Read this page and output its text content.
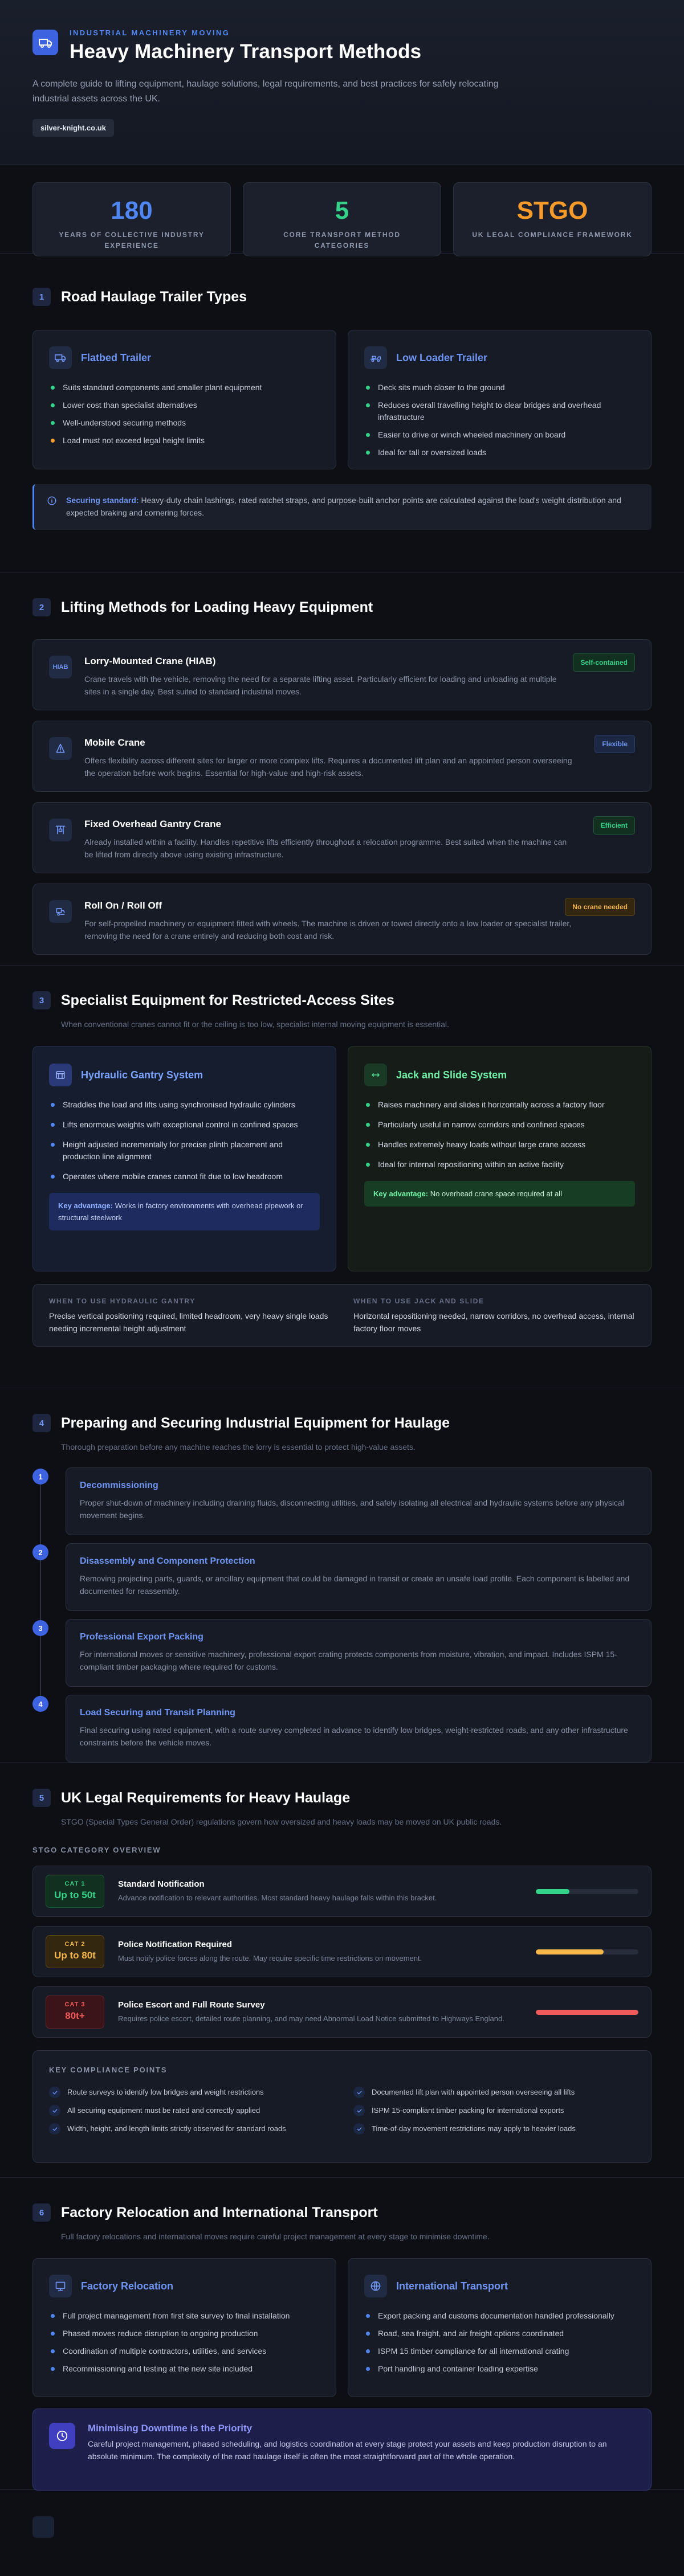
INDUSTRIAL MACHINERY MOVING
Heavy Machinery Transport Methods

A complete guide to lifting equipment, haulage solutions, legal requirements, and best practices for safely relocating industrial assets across the UK.

silver-knight.co.uk
180
YEARS OF COLLECTIVE INDUSTRY EXPERIENCE
5
CORE TRANSPORT METHOD CATEGORIES
STGO
UK LEGAL COMPLIANCE FRAMEWORK
1	Road Haulage Trailer Types
Flatbed Trailer
Suits standard components and smaller plant equipment
Lower cost than specialist alternatives
Well-understood securing methods
Load must not exceed legal height limits
Low Loader Trailer
Deck sits much closer to the ground
Reduces overall travelling height to clear bridges and overhead infrastructure
Easier to drive or winch wheeled machinery on board
Ideal for tall or oversized loads
Securing standard: Heavy-duty chain lashings, rated ratchet straps, and purpose-built anchor points are calculated against the load's weight distribution and expected braking and cornering forces.
2	Lifting Methods for Loading Heavy Equipment
HIAB
Lorry-Mounted Crane (HIAB)
Crane travels with the vehicle, removing the need for a separate lifting asset. Particularly efficient for loading and unloading at multiple sites in a single day. Best suited to standard industrial moves.
Self-contained
Mobile Crane
Offers flexibility across different sites for larger or more complex lifts. Requires a documented lift plan and an appointed person overseeing the operation before work begins. Essential for high-value and high-risk assets.
Flexible
Fixed Overhead Gantry Crane
Already installed within a facility. Handles repetitive lifts efficiently throughout a relocation programme. Best suited when the machine can be lifted from directly above using existing infrastructure.
Efficient
Roll On / Roll Off
For self-propelled machinery or equipment fitted with wheels. The machine is driven or towed directly onto a low loader or specialist trailer, removing the need for a crane entirely and reducing both cost and risk.
No crane needed
3	Specialist Equipment for Restricted-Access Sites
When conventional cranes cannot fit or the ceiling is too low, specialist internal moving equipment is essential.
Hydraulic Gantry System
Straddles the load and lifts using synchronised hydraulic cylinders
Lifts enormous weights with exceptional control in confined spaces
Height adjusted incrementally for precise plinth placement and production line alignment
Operates where mobile cranes cannot fit due to low headroom
Key advantage: Works in factory environments with overhead pipework or structural steelwork
Jack and Slide System
Raises machinery and slides it horizontally across a factory floor
Particularly useful in narrow corridors and confined spaces
Handles extremely heavy loads without large crane access
Ideal for internal repositioning within an active facility
Key advantage: No overhead crane space required at all
WHEN TO USE HYDRAULIC GANTRY
Precise vertical positioning required, limited headroom, very heavy single loads needing incremental height adjustment
WHEN TO USE JACK AND SLIDE
Horizontal repositioning needed, narrow corridors, no overhead access, internal factory floor moves
4	Preparing and Securing Industrial Equipment for Haulage
Thorough preparation before any machine reaches the lorry is essential to protect high-value assets.
1
Decommissioning
Proper shut-down of machinery including draining fluids, disconnecting utilities, and safely isolating all electrical and hydraulic systems before any physical movement begins.
2
Disassembly and Component Protection
Removing projecting parts, guards, or ancillary equipment that could be damaged in transit or create an unsafe load profile. Each component is labelled and documented for reassembly.
3
Professional Export Packing
For international moves or sensitive machinery, professional export crating protects components from moisture, vibration, and impact. Includes ISPM 15-compliant timber packaging where required for customs.
4
Load Securing and Transit Planning
Final securing using rated equipment, with a route survey completed in advance to identify low bridges, weight-restricted roads, and any other infrastructure constraints before the vehicle moves.
5	UK Legal Requirements for Heavy Haulage
STGO (Special Types General Order) regulations govern how oversized and heavy loads may be moved on UK public roads.
STGO CATEGORY OVERVIEW
CAT 1
Up to 50t
Standard Notification
Advance notification to relevant authorities. Most standard heavy haulage falls within this bracket.
CAT 2
Up to 80t
Police Notification Required
Must notify police forces along the route. May require specific time restrictions on movement.
CAT 3
80t+
Police Escort and Full Route Survey
Requires police escort, detailed route planning, and may need Abnormal Load Notice submitted to Highways England.
KEY COMPLIANCE POINTS
Route surveys to identify low bridges and weight restrictions	Documented lift plan with appointed person overseeing all lifts
All securing equipment must be rated and correctly applied	ISPM 15-compliant timber packing for international exports
Width, height, and length limits strictly observed for standard roads	Time-of-day movement restrictions may apply to heavier loads
6	Factory Relocation and International Transport
Full factory relocations and international moves require careful project management at every stage to minimise downtime.
Factory Relocation
Full project management from first site survey to final installation
Phased moves reduce disruption to ongoing production
Coordination of multiple contractors, utilities, and services
Recommissioning and testing at the new site included
International Transport
Export packing and customs documentation handled professionally
Road, sea freight, and air freight options coordinated
ISPM 15 timber compliance for all international crating
Port handling and container loading expertise
Minimising Downtime is the Priority
Careful project management, phased scheduling, and logistics coordination at every stage protect your assets and keep production disruption to an absolute minimum. The complexity of the road haulage itself is often the most straightforward part of the whole operation.
